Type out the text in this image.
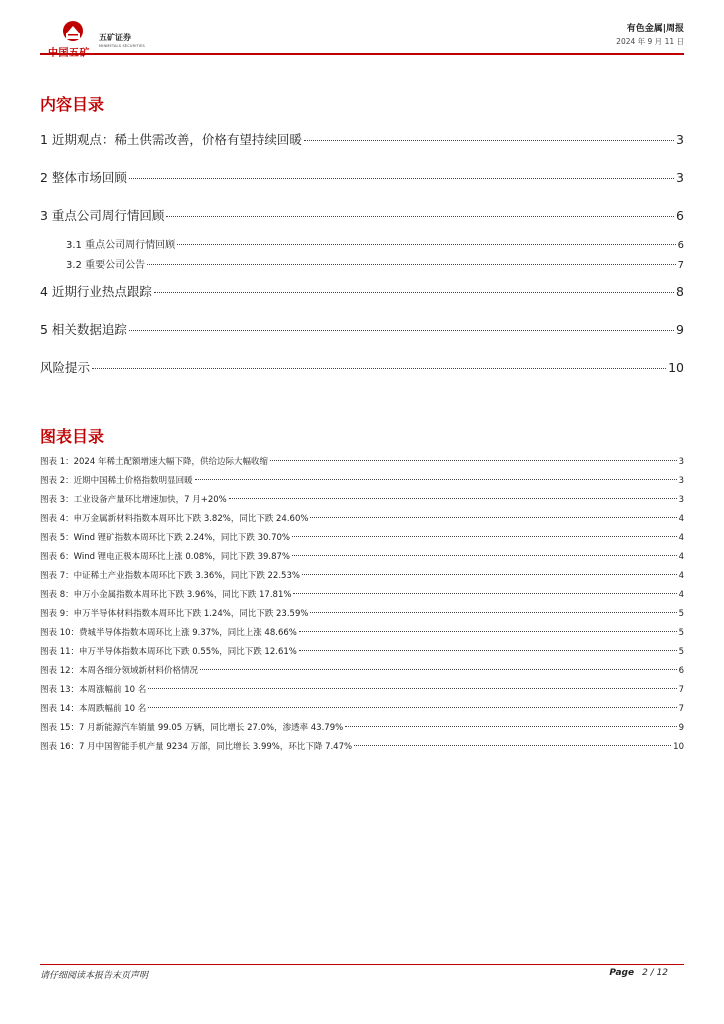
中国五矿
五矿证券
MINMETALS SECURITIES
有色金属|周报
2024 年 9 月 11 日
内容目录
1 近期观点：稀土供需改善，价格有望持续回暖	3
2 整体市场回顾	3
3 重点公司周行情回顾	6
3.1 重点公司周行情回顾	6
3.2 重要公司公告	7
4 近期行业热点跟踪	8
5 相关数据追踪	9
风险提示	10
图表目录
图表 1：2024 年稀土配额增速大幅下降，供给边际大幅收缩	3
图表 2：近期中国稀土价格指数明显回暖	3
图表 3：工业设备产量环比增速加快，7 月+20%	3
图表 4：申万金属新材料指数本周环比下跌 3.82%，同比下跌 24.60%	4
图表 5：Wind 锂矿指数本周环比下跌 2.24%，同比下跌 30.70%	4
图表 6：Wind 锂电正极本周环比上涨 0.08%，同比下跌 39.87%	4
图表 7：中证稀土产业指数本周环比下跌 3.36%，同比下跌 22.53%	4
图表 8：申万小金属指数本周环比下跌 3.96%，同比下跌 17.81%	4
图表 9：申万半导体材料指数本周环比下跌 1.24%，同比下跌 23.59%	5
图表 10：费城半导体指数本周环比上涨 9.37%，同比上涨 48.66%	5
图表 11：申万半导体指数本周环比下跌 0.55%，同比下跌 12.61%	5
图表 12：本周各细分领域新材料价格情况	6
图表 13：本周涨幅前 10 名	7
图表 14：本周跌幅前 10 名	7
图表 15：7 月新能源汽车销量 99.05 万辆，同比增长 27.0%，渗透率 43.79%	9
图表 16：7 月中国智能手机产量 9234 万部，同比增长 3.99%，环比下降 7.47%	10
请仔细阅读本报告末页声明	Page 2 / 12
